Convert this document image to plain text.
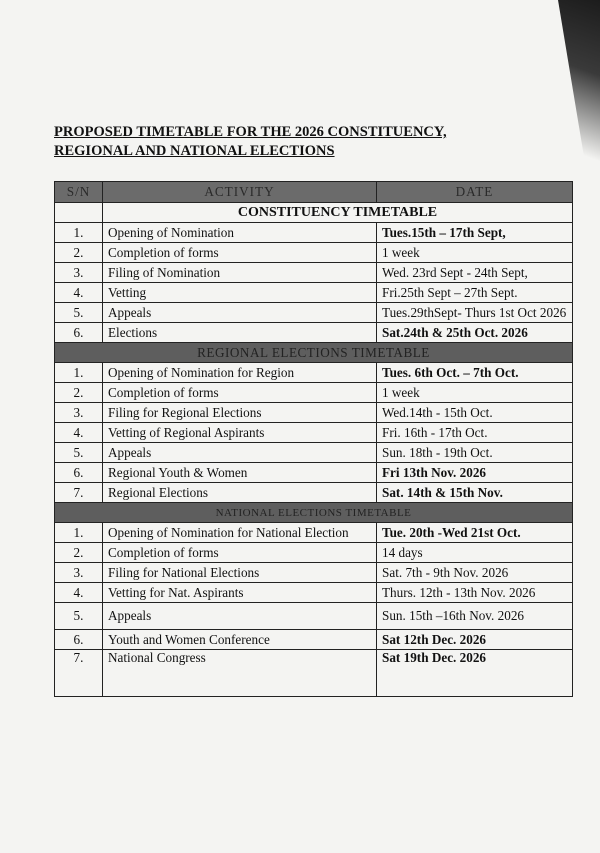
PROPOSED TIMETABLE FOR THE 2026 CONSTITUENCY,
REGIONAL AND NATIONAL ELECTIONS
S/N	ACTIVITY	DATE
	CONSTITUENCY TIMETABLE	
1.	Opening of Nomination	Tues.15th – 17th Sept,
2.	Completion of forms	1 week
3.	Filing of Nomination	Wed. 23rd Sept - 24th Sept,
4.	Vetting	Fri.25th Sept – 27th Sept.
5.	Appeals	Tues.29thSept- Thurs 1st Oct 2026
6.	Elections	Sat.24th & 25th Oct. 2026
REGIONAL ELECTIONS TIMETABLE		
1.	Opening of Nomination for Region	Tues. 6th Oct. – 7th Oct.
2.	Completion of forms	1 week
3.	Filing for Regional Elections	Wed.14th - 15th Oct.
4.	Vetting of Regional Aspirants	Fri. 16th - 17th Oct.
5.	Appeals	Sun. 18th - 19th Oct.
6.	Regional Youth & Women	Fri 13th Nov. 2026
7.	Regional Elections	Sat. 14th & 15th Nov.
NATIONAL ELECTIONS TIMETABLE		
1.	Opening of Nomination for National Election	Tue. 20th -Wed 21st Oct.
2.	Completion of forms	14 days
3.	Filing for National Elections	Sat. 7th - 9th Nov. 2026
4.	Vetting for Nat. Aspirants	Thurs. 12th - 13th Nov. 2026
5.	Appeals	Sun. 15th –16th Nov. 2026
6.	Youth and Women Conference	Sat 12th Dec. 2026
7.	National Congress	Sat 19th Dec. 2026
